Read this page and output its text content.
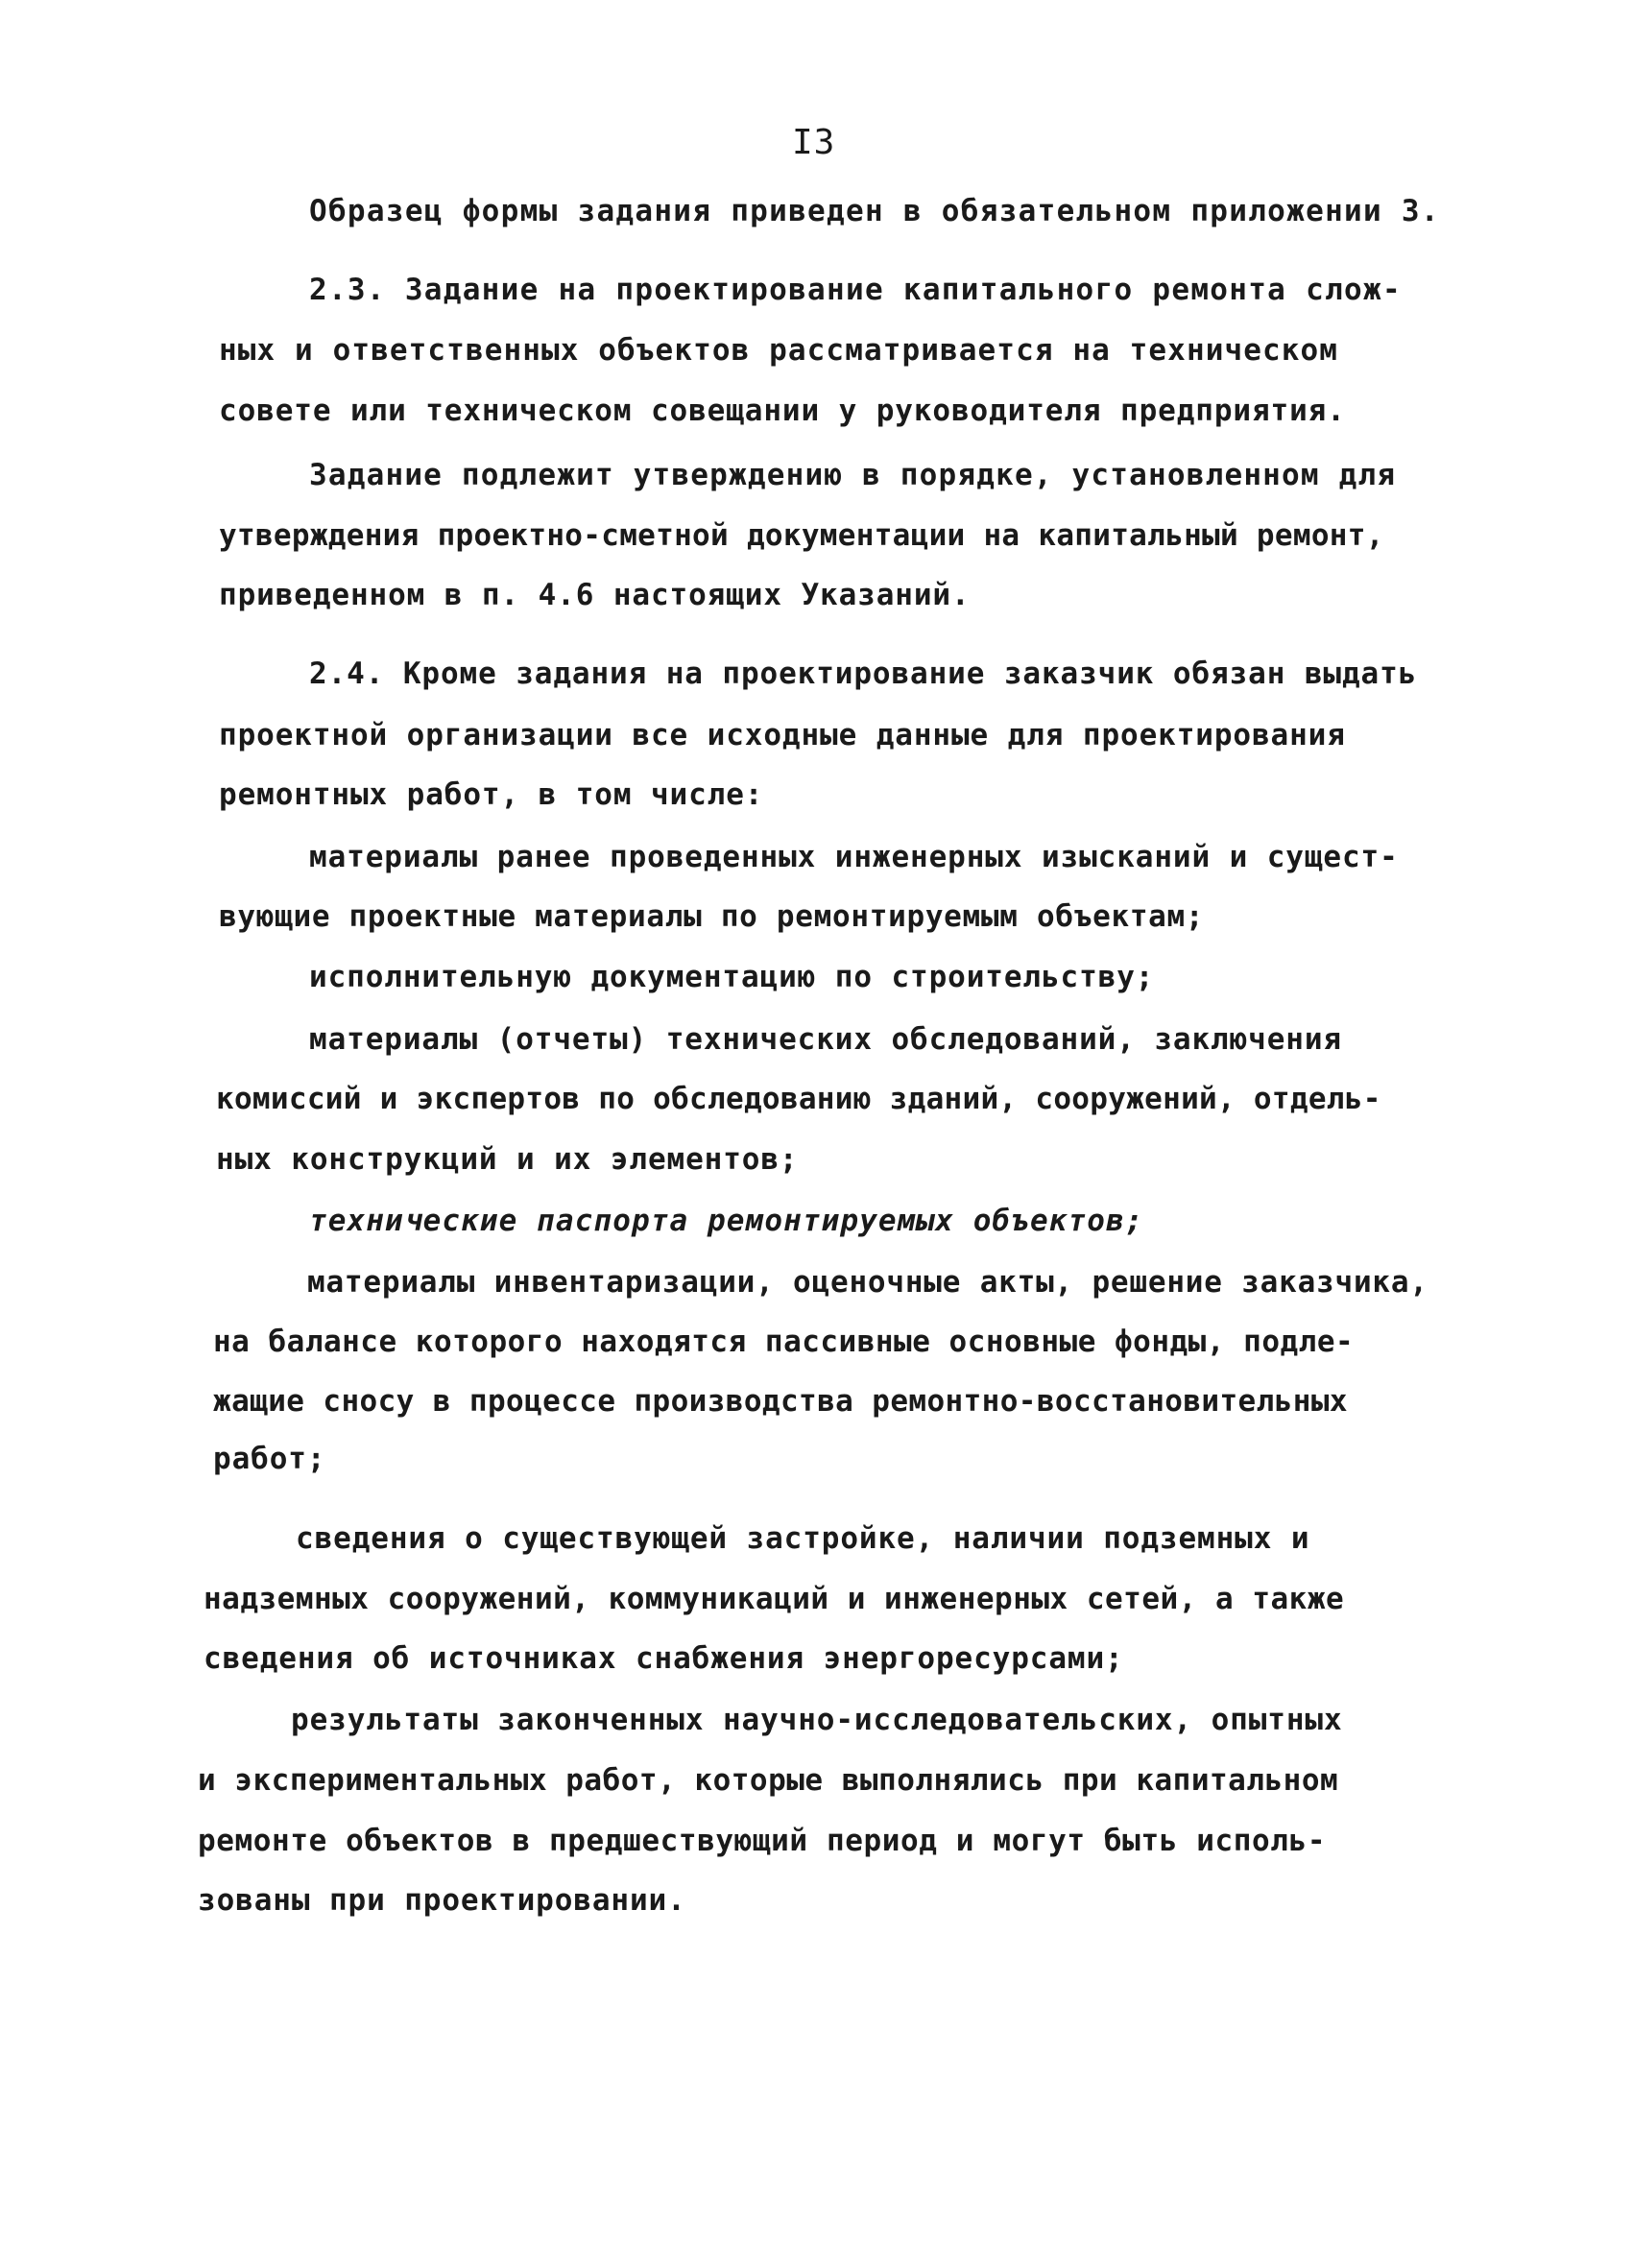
I3
Образец формы задания приведен в обязательном приложении 3.
2.3. Задание на проектирование капитального ремонта слож-
ных и ответственных объектов рассматривается на техническом
совете или техническом совещании у руководителя предприятия.
Задание подлежит утверждению в порядке, установленном для
утверждения проектно-сметной документации на капитальный ремонт,
приведенном в п. 4.6 настоящих Указаний.
2.4. Кроме задания на проектирование заказчик обязан выдать
проектной организации все исходные данные для проектирования
ремонтных работ, в том числе:
материалы ранее проведенных инженерных изысканий и сущест-
вующие проектные материалы по ремонтируемым объектам;
исполнительную документацию по строительству;
материалы (отчеты) технических обследований, заключения
комиссий и экспертов по обследованию зданий, сооружений, отдель-
ных конструкций и их элементов;
технические паспорта ремонтируемых объектов;
материалы инвентаризации, оценочные акты, решение заказчика,
на балансе которого находятся пассивные основные фонды, подле-
жащие сносу в процессе производства ремонтно-восстановительных
работ;
сведения о существующей застройке, наличии подземных и
надземных сооружений, коммуникаций и инженерных сетей, а также
сведения об источниках снабжения энергоресурсами;
результаты законченных научно-исследовательских, опытных
и экспериментальных работ, которые выполнялись при капитальном
ремонте объектов в предшествующий период и могут быть исполь-
зованы при проектировании.
